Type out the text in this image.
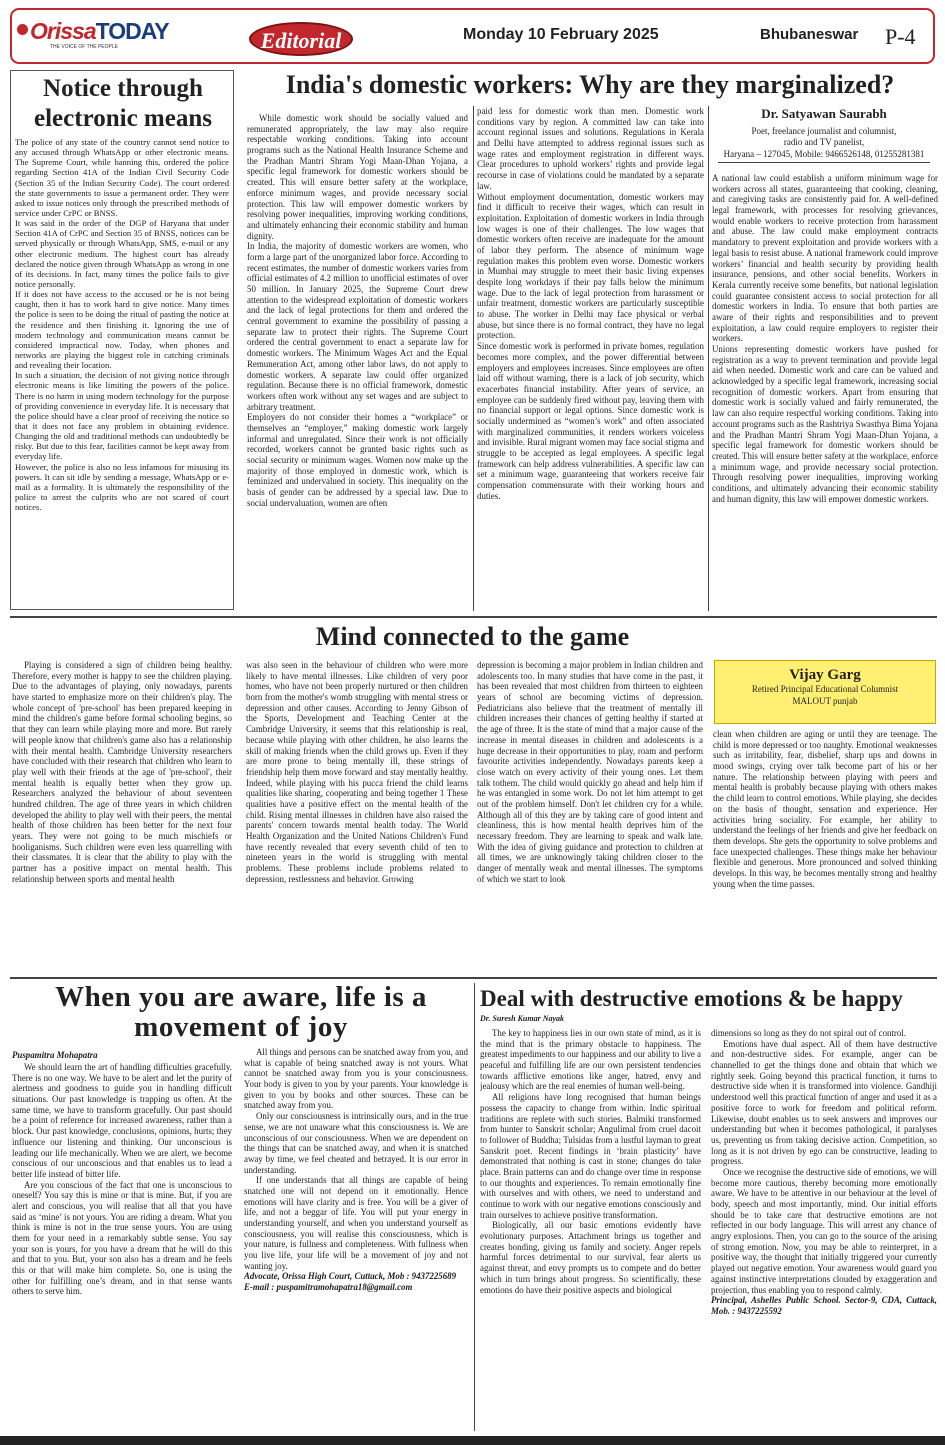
OrissaTODAY
THE VOICE OF THE PEOPLE	Editorial	Monday 10 February 2025	Bhubaneswar P-4
Notice through electronic means

The police of any state of the country cannot send notice to any accused through WhatsApp or other electronic means. The Supreme Court, while banning this, ordered the police regarding Section 41A of the Indian Civil Security Code (Section 35 of the Indian Security Code). The court ordered the state governments to issue a permanent order. They were asked to issue notices only through the prescribed methods of service under CrPC or BNSS.

It was said in the order of the DGP of Haryana that under Section 41A of CrPC and Section 35 of BNSS, notices can be served physically or through WhatsApp, SMS, e-mail or any other electronic medium. The highest court has already declared the notice given through WhatsApp as wrong in one of its decisions. In fact, many times the police fails to give notice personally.

If it does not have access to the accused or he is not being caught, then it has to work hard to give notice. Many times the police is seen to be doing the ritual of pasting the notice at the residence and then finishing it. Ignoring the use of modern technology and communication means cannot be considered impractical now. Today, when phones and networks are playing the biggest role in catching criminals and revealing their location.

In such a situation, the decision of not giving notice through electronic means is like limiting the powers of the police. There is no harm in using modern technology for the purpose of providing convenience in everyday life. It is necessary that the police should have a clear proof of receiving the notice so that it does not face any problem in obtaining evidence. Changing the old and traditional methods can undoubtedly be risky. But due to this fear, facilities cannot be kept away from everyday life.

However, the police is also no less infamous for misusing its powers. It can sit idle by sending a message, WhatsApp or e-mail as a formality. It is ultimately the responsibility of the police to arrest the culprits who are not scared of court notices.

India's domestic workers: Why are they marginalized?

While domestic work should be socially valued and remunerated appropriately, the law may also require respectable working conditions. Taking into account programs such as the National Health Insurance Scheme and the Pradhan Mantri Shram Yogi Maan-Dhan Yojana, a specific legal framework for domestic workers should be created. This will ensure better safety at the workplace, enforce minimum wages, and provide necessary social protection. This law will empower domestic workers by resolving power inequalities, improving working conditions, and ultimately enhancing their economic stability and human dignity.

In India, the majority of domestic workers are women, who form a large part of the unorganized labor force. According to recent estimates, the number of domestic workers varies from official estimates of 4.2 million to unofficial estimates of over 50 million. In January 2025, the Supreme Court drew attention to the widespread exploitation of domestic workers and the lack of legal protections for them and ordered the central government to examine the possibility of passing a separate law to protect their rights. The Supreme Court ordered the central government to enact a separate law for domestic workers. The Minimum Wages Act and the Equal Remuneration Act, among other labor laws, do not apply to domestic workers. A separate law could offer organized regulation. Because there is no official framework, domestic workers often work without any set wages and are subject to arbitrary treatment.

Employers do not consider their homes a “workplace” or themselves an “employer,” making domestic work largely informal and unregulated. Since their work is not officially recorded, workers cannot be granted basic rights such as social security or minimum wages. Women now make up the majority of those employed in domestic work, which is feminized and undervalued in society. This inequality on the basis of gender can be addressed by a special law. Due to social undervaluation, women are often

paid less for domestic work than men. Domestic work conditions vary by region. A committed law can take into account regional issues and solutions. Regulations in Kerala and Delhi have attempted to address regional issues such as wage rates and employment registration in different ways. Clear procedures to uphold workers’ rights and provide legal recourse in case of violations could be mandated by a separate law.

Without employment documentation, domestic workers may find it difficult to receive their wages, which can result in exploitation. Exploitation of domestic workers in India through low wages is one of their challenges. The low wages that domestic workers often receive are inadequate for the amount of labor they perform. The absence of minimum wage regulation makes this problem even worse. Domestic workers in Mumbai may struggle to meet their basic living expenses despite long workdays if their pay falls below the minimum wage. Due to the lack of legal protection from harassment or unfair treatment, domestic workers are particularly susceptible to abuse. The worker in Delhi may face physical or verbal abuse, but since there is no formal contract, they have no legal protection.

Since domestic work is performed in private homes, regulation becomes more complex, and the power differential between employers and employees increases. Since employees are often laid off without warning, there is a lack of job security, which exacerbates financial instability. After years of service, an employee can be suddenly fired without pay, leaving them with no financial support or legal options. Since domestic work is socially undermined as “women’s work” and often associated with marginalized communities, it renders workers voiceless and invisible. Rural migrant women may face social stigma and struggle to be accepted as legal employees. A specific legal framework can help address vulnerabilities. A specific law can set a minimum wage, guaranteeing that workers receive fair compensation commensurate with their working hours and duties.

Dr. Satyawan Saurabh
Poet, freelance journalist and columnist,
radio and TV panelist,
Haryana – 127045, Mobile: 9466526148, 01255281381

A national law could establish a uniform minimum wage for workers across all states, guaranteeing that cooking, cleaning, and caregiving tasks are consistently paid for. A well-defined legal framework, with processes for resolving grievances, would enable workers to receive protection from harassment and abuse. The law could make employment contracts mandatory to prevent exploitation and provide workers with a legal basis to resist abuse. A national framework could improve workers’ financial and health security by providing health insurance, pensions, and other social benefits. Workers in Kerala currently receive some benefits, but national legislation could guarantee consistent access to social protection for all domestic workers in India. To ensure that both parties are aware of their rights and responsibilities and to prevent exploitation, a law could require employers to register their workers.

Unions representing domestic workers have pushed for registration as a way to prevent termination and provide legal aid when needed. Domestic work and care can be valued and acknowledged by a specific legal framework, increasing social recognition of domestic workers. Apart from ensuring that domestic work is socially valued and fairly remunerated, the law can also require respectful working conditions. Taking into account programs such as the Rashtriya Swasthya Bima Yojana and the Pradhan Mantri Shram Yogi Maan-Dhan Yojana, a specific legal framework for domestic workers should be created. This will ensure better safety at the workplace, enforce a minimum wage, and provide necessary social protection. Through resolving power inequalities, improving working conditions, and ultimately advancing their economic stability and human dignity, this law will empower domestic workers.

Mind connected to the game

Playing is considered a sign of children being healthy. Therefore, every mother is happy to see the children playing. Due to the advantages of playing, only nowadays, parents have started to emphasize more on their children's play. The whole concept of 'pre-school' has been prepared keeping in mind the children's game before formal schooling begins, so that they can learn while playing more and more. But rarely will people know that children's game also has a relationship with their mental health. Cambridge University researchers have concluded with their research that children who learn to play well with their friends at the age of 'pre-school', their mental health is equally better when they grow up. Researchers analyzed the behaviour of about seventeen hundred children. The age of three years in which children developed the ability to play well with their peers, the mental health of those children has been better for the next four years. They were not going to be much mischiefs or hooliganisms. Such children were even less quarrelling with their classmates. It is clear that the ability to play with the partner has a positive impact on mental health. This relationship between sports and mental health

was also seen in the behaviour of children who were more likely to have mental illnesses. Like children of very poor homes, who have not been properly nurtured or then children born from the mother's womb struggling with mental stress or depression and other causes. According to Jenny Gibson of the Sports, Development and Teaching Center at the Cambridge University, it seems that this relationship is real, because while playing with other children, he also learns the skill of making friends when the child grows up. Even if they are more prone to being mentally ill, these strings of friendship help them move forward and stay mentally healthy. Indeed, while playing with his pucca friend the child learns qualities like sharing, cooperating and being together 1 These qualities have a positive effect on the mental health of the child. Rising mental illnesses in children have also raised the parents' concern towards mental health today. The World Health Organization and the United Nations Children's Fund have recently revealed that every seventh child of ten to nineteen years in the world is struggling with mental problems. These problems include problems related to depression, restlessness and behavior. Growing

depression is becoming a major problem in Indian children and adolescents too. In many studies that have come in the past, it has been revealed that most children from thirteen to eighteen years of school are becoming victims of depression. Pediatricians also believe that the treatment of mentally ill children increases their chances of getting healthy if started at the age of three. It is the state of mind that a major cause of the increase in mental diseases in children and adolescents is a huge decrease in their opportunities to play, roam and perform favourite activities independently. Nowadays parents keep a close watch on every activity of their young ones. Let them talk tothem. The child would quickly go ahead and help him if he was entangled in some work. Do not let him attempt to get out of the problem himself. Don't let children cry for a while. Although all of this they are by taking care of good intent and cleanliness, this is how mental health deprives him of the necessary freedom. They are learning to speak and walk late. With the idea of giving guidance and protection to children at all times, we are unknowingly taking children closer to the danger of mentally weak and mental illnesses. The symptoms of which we start to look

Vijay Garg
Retired Principal Educational Columnist
MALOUT punjab

clean when children are aging or until they are teenage. The child is more depressed or too naughty. Emotional weaknesses such as irritability, fear, disbelief, sharp ups and downs in mood swings, crying over talk become part of his or her nature. The relationship between playing with peers and mental health is probably because playing with others makes the child learn to control emotions. While playing, she decides on the basis of thought, sensation and experience. Her activities bring sociality. For example, her ability to understand the feelings of her friends and give her feedback on them develops. She gets the opportunity to solve problems and face unexpected challenges. These things make her behaviour flexible and generous. More pronounced and solved thinking develops. In this way, he becomes mentally strong and healthy young when the time passes.

When you are aware, life is a movement of joy
Puspamitra Mohapatra

We should learn the art of handling difficulties gracefully. There is no one way. We have to be alert and let the purity of alertness and goodness to guide you in handling difficult situations. Our past knowledge is trapping us often. At the same time, we have to transform gracefully. Our past should be a point of reference for increased awareness, rather than a block. Our past knowledge, conclusions, opinions, hurts; they influence our listening and thinking. Our unconscious is leading our life mechanically. When we are alert, we become conscious of our unconscious and that enables us to lead a better life instead of bitter life.

Are you conscious of the fact that one is unconscious to oneself? You say this is mine or that is mine. But, if you are alert and conscious, you will realise that all that you have said as ‘mine’ is not yours. You are riding a dream. What you think is mine is not in the true sense yours. You are using them for your need in a remarkably subtle sense. You say your son is yours, for you have a dream that he will do this and that to you. But, your son also has a dream and he feels this or that will make him complete. So, one is using the other for fulfilling one’s dream, and in that sense wants others to serve him.

All things and persons can be snatched away from you, and what is capable of being snatched away is not yours. What cannot be snatched away from you is your consciousness. Your body is given to you by your parents. Your knowledge is given to you by books and other sources. These can be snatched away from you.

Only our consciousness is intrinsically ours, and in the true sense, we are not unaware what this consciousness is. We are unconscious of our consciousness. When we are dependent on the things that can be snatched away, and when it is snatched away by time, we feel cheated and betrayed. It is our error in understanding.

If one understands that all things are capable of being snatched one will not depend on it emotionally. Hence emotions will have clarity and is free. You will be a giver of life, and not a beggar of life. You will put your energy in understanding yourself, and when you understand yourself as consciousness, you will realise this consciousness, which is your nature, is fullness and completeness. With fullness when you live life, your life will be a movement of joy and not wanting joy.

Advocate, Orissa High Court, Cuttack, Mob : 9437225689

E-mail : puspamitramohapatra18@gmail.com

Deal with destructive emotions & be happy
Dr. Suresh Kumar Nayak

The key to happiness lies in our own state of mind, as it is the mind that is the primary obstacle to happiness. The greatest impediments to our happiness and our ability to live a peaceful and fulfilling life are our own persistent tendencies towards afflictive emotions like anger, hatred, envy and jealousy which are the real enemies of human well-being.

All religions have long recognised that human beings possess the capacity to change from within. Indic spiritual traditions are replete with such stories. Balmiki transformed from hunter to Sanskrit scholar; Angulimal from cruel dacoit to follower of Buddha; Tulsidas from a lustful layman to great Sanskrit poet. Recent findings in ‘brain plasticity’ have demonstrated that nothing is cast in stone; changes do take place. Brain patterns can and do change over time in response to our thoughts and experiences. To remain emotionally fine with ourselves and with others, we need to understand and continue to work with our negative emotions consciously and train ourselves to achieve positive transformation.

Biologically, all our basic emotions evidently have evolutionary purposes. Attachment brings us together and creates bonding, giving us family and society. Anger repels harmful forces detrimental to our survival, fear alerts us against threat, and envy prompts us to compete and do better which in turn brings about progress. So scientifically, these emotions do have their positive aspects and biological

dimensions so long as they do not spiral out of control.

Emotions have dual aspect. All of them have destructive and non-destructive sides. For example, anger can be channelled to get the things done and obtain that which we rightly seek. Going beyond this practical function, it turns to destructive side when it is transformed into violence. Gandhiji understood well this practical function of anger and used it as a positive force to work for freedom and political reform. Likewise, doubt enables us to seek answers and improves our understanding but when it becomes pathological, it paralyses us, preventing us from taking decisive action. Competition, so long as it is not driven by ego can be constructive, leading to progress.

Once we recognise the destructive side of emotions, we will become more cautious, thereby becoming more emotionally aware. We have to be attentive in our behaviour at the level of body, speech and most importantly, mind. Our initial efforts should be to take care that destructive emotions are not reflected in our body language. This will arrest any chance of angry explosions. Then, you can go to the source of the arising of strong emotion. Now, you may be able to reinterpret, in a positive way, the thought that initially triggered your currently played out negative emotion. Your awareness would guard you against instinctive interpretations clouded by exaggeration and projection, thus enabling you to respond calmly.

Principal, Ashelles Public School. Sector-9, CDA, Cuttack, Mob. : 9437225592
